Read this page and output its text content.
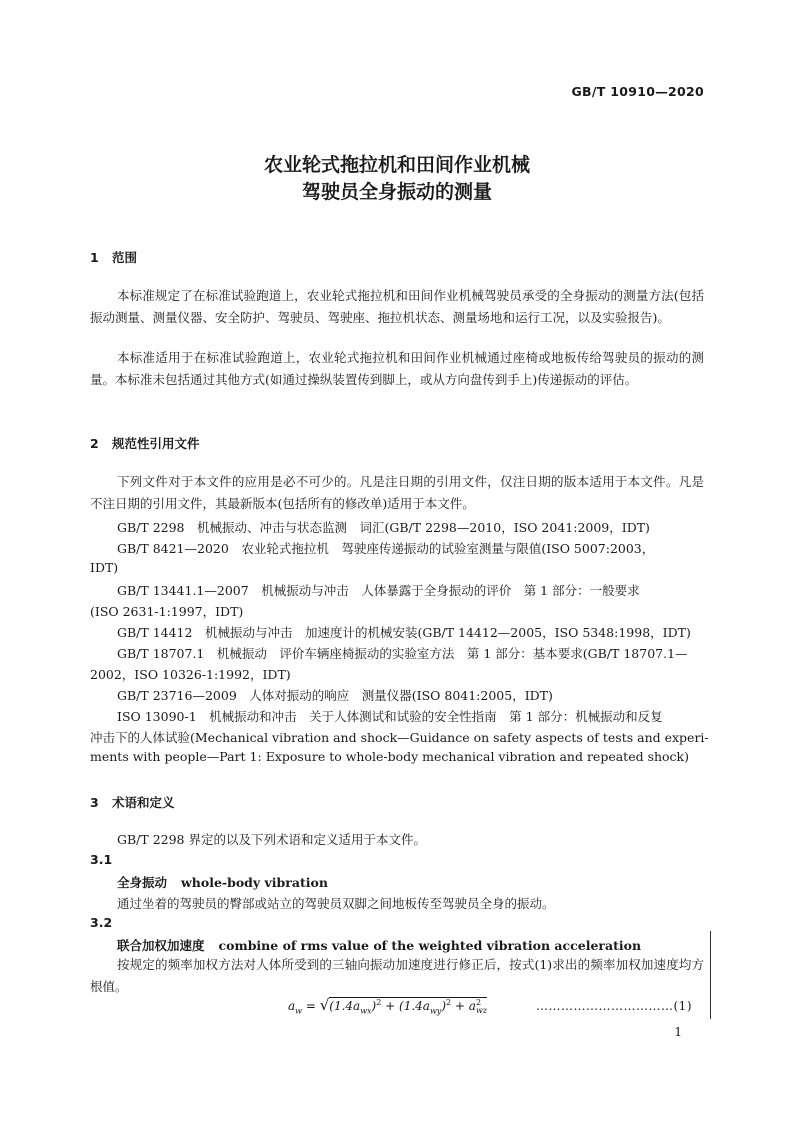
GB/T 10910—2020
农业轮式拖拉机和田间作业机械
驾驶员全身振动的测量
1 范围

本标准规定了在标准试验跑道上，农业轮式拖拉机和田间作业机械驾驶员承受的全身振动的测量方法(包括振动测量、测量仪器、安全防护、驾驶员、驾驶座、拖拉机状态、测量场地和运行工况，以及实验报告)。

本标准适用于在标准试验跑道上，农业轮式拖拉机和田间作业机械通过座椅或地板传给驾驶员的振动的测量。本标准未包括通过其他方式(如通过操纵装置传到脚上，或从方向盘传到手上)传递振动的评估。

2 规范性引用文件

下列文件对于本文件的应用是必不可少的。凡是注日期的引用文件，仅注日期的版本适用于本文件。凡是不注日期的引用文件，其最新版本(包括所有的修改单)适用于本文件。

GB/T 2298　机械振动、冲击与状态监测　词汇(GB/T 2298—2010，ISO 2041:2009，IDT)
GB/T 8421—2020　农业轮式拖拉机　驾驶座传递振动的试验室测量与限值(ISO 5007:2003，
IDT)
GB/T 13441.1—2007　机械振动与冲击　人体暴露于全身振动的评价　第 1 部分：一般要求
(ISO 2631-1:1997，IDT)
GB/T 14412　机械振动与冲击　加速度计的机械安装(GB/T 14412—2005，ISO 5348:1998，IDT)
GB/T 18707.1　机械振动　评价车辆座椅振动的实验室方法　第 1 部分：基本要求(GB/T 18707.1—
2002，ISO 10326-1:1992，IDT)
GB/T 23716—2009　人体对振动的响应　测量仪器(ISO 8041:2005，IDT)
ISO 13090-1　机械振动和冲击　关于人体测试和试验的安全性指南　第 1 部分：机械振动和反复
冲击下的人体试验(Mechanical vibration and shock—Guidance on safety aspects of tests and experi-
ments with people—Part 1: Exposure to whole-body mechanical vibration and repeated shock)
3 术语和定义
GB/T 2298 界定的以及下列术语和定义适用于本文件。
3.1
全身振动 whole-body vibration
通过坐着的驾驶员的臀部或站立的驾驶员双脚之间地板传至驾驶员全身的振动。
3.2
联合加权加速度 combine of rms value of the weighted vibration acceleration

按规定的频率加权方法对人体所受到的三轴向振动加速度进行修正后，按式(1)求出的频率加权加速度均方根值。

$a_w = √(1.4a_{wx})^2 + (1.4a_{wy})^2 + a$ 2
wz	……………………………(1)
1
